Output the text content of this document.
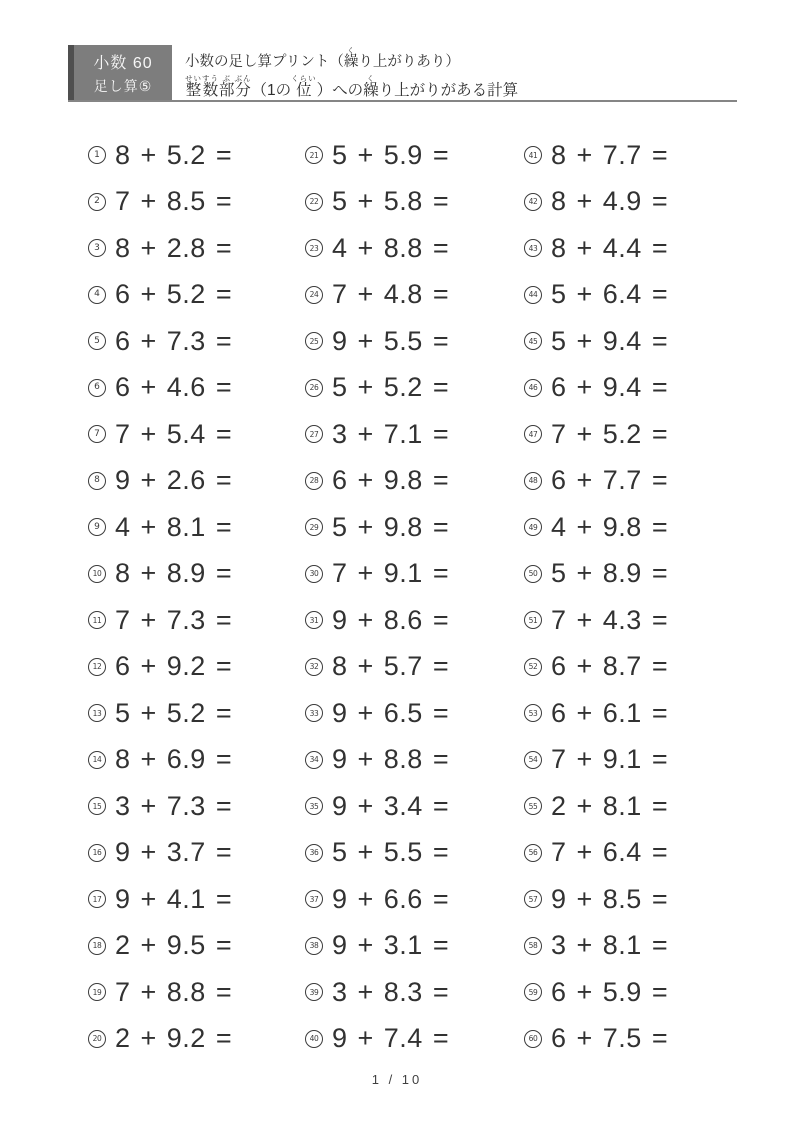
小数 60
足し算⑤
小数の足し算プリント（ 繰く
り上がりあり）
整数せいすう
部ぶ
分ぶん
（1の 位くらい
）への 繰く
り上がりがある計算
1 8 + 5.2 =
2 7 + 8.5 =
3 8 + 2.8 =
4 6 + 5.2 =
5 6 + 7.3 =
6 6 + 4.6 =
7 7 + 5.4 =
8 9 + 2.6 =
9 4 + 8.1 =
10 8 + 8.9 =
11 7 + 7.3 =
12 6 + 9.2 =
13 5 + 5.2 =
14 8 + 6.9 =
15 3 + 7.3 =
16 9 + 3.7 =
17 9 + 4.1 =
18 2 + 9.5 =
19 7 + 8.8 =
20 2 + 9.2 =
21 5 + 5.9 =
22 5 + 5.8 =
23 4 + 8.8 =
24 7 + 4.8 =
25 9 + 5.5 =
26 5 + 5.2 =
27 3 + 7.1 =
28 6 + 9.8 =
29 5 + 9.8 =
30 7 + 9.1 =
31 9 + 8.6 =
32 8 + 5.7 =
33 9 + 6.5 =
34 9 + 8.8 =
35 9 + 3.4 =
36 5 + 5.5 =
37 9 + 6.6 =
38 9 + 3.1 =
39 3 + 8.3 =
40 9 + 7.4 =
41 8 + 7.7 =
42 8 + 4.9 =
43 8 + 4.4 =
44 5 + 6.4 =
45 5 + 9.4 =
46 6 + 9.4 =
47 7 + 5.2 =
48 6 + 7.7 =
49 4 + 9.8 =
50 5 + 8.9 =
51 7 + 4.3 =
52 6 + 8.7 =
53 6 + 6.1 =
54 7 + 9.1 =
55 2 + 8.1 =
56 7 + 6.4 =
57 9 + 8.5 =
58 3 + 8.1 =
59 6 + 5.9 =
60 6 + 7.5 =
1 / 10
